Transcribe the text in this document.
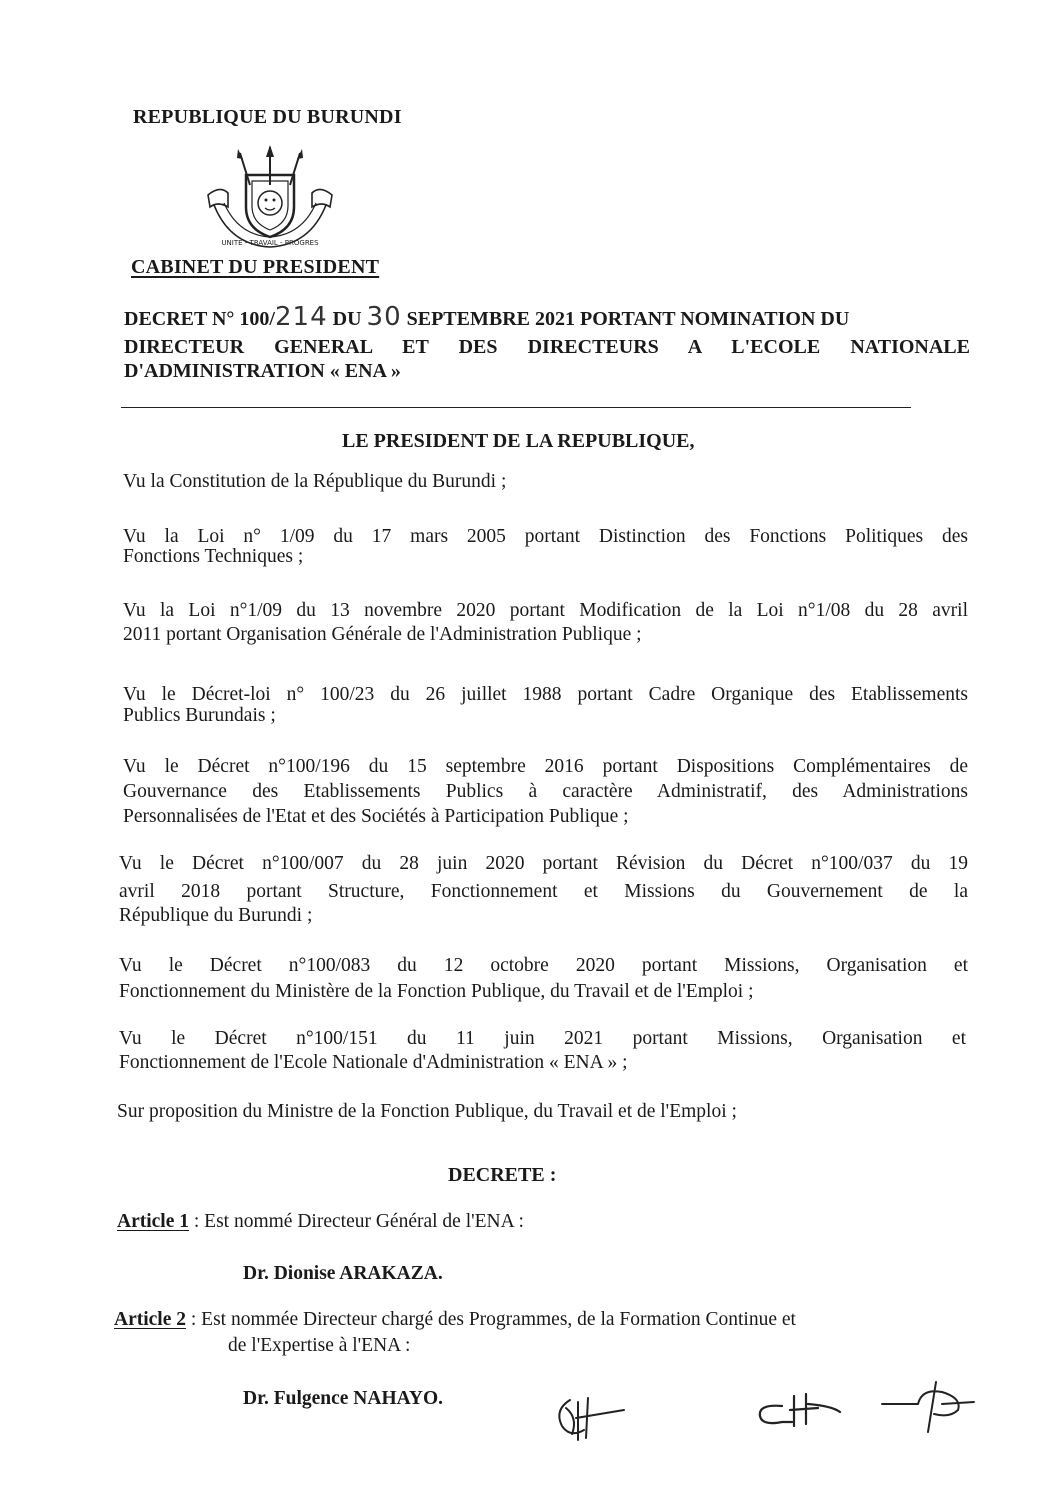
REPUBLIQUE DU BURUNDI
UNITE - TRAVAIL - PROGRES
CABINET DU PRESIDENT
DECRET N° 100/214 DU 30 SEPTEMBRE 2021 PORTANT NOMINATION DU
DIRECTEUR GENERAL ET DES DIRECTEURS A L'ECOLE NATIONALE
D'ADMINISTRATION « ENA »
LE PRESIDENT DE LA REPUBLIQUE,
Vu la Constitution de la République du Burundi ;
Vu la Loi n° 1/09 du 17 mars 2005 portant Distinction des Fonctions Politiques des
Fonctions Techniques ;
Vu la Loi n°1/09 du 13 novembre 2020 portant Modification de la Loi n°1/08 du 28 avril
2011 portant Organisation Générale de l'Administration Publique ;
Vu le Décret-loi n° 100/23 du 26 juillet 1988 portant Cadre Organique des Etablissements
Publics Burundais ;
Vu le Décret n°100/196 du 15 septembre 2016 portant Dispositions Complémentaires de
Gouvernance des Etablissements Publics à caractère Administratif, des Administrations
Personnalisées de l'Etat et des Sociétés à Participation Publique ;
Vu le Décret n°100/007 du 28 juin 2020 portant Révision du Décret n°100/037 du 19
avril 2018 portant Structure, Fonctionnement et Missions du Gouvernement de la
République du Burundi ;
Vu le Décret n°100/083 du 12 octobre 2020 portant Missions, Organisation et
Fonctionnement du Ministère de la Fonction Publique, du Travail et de l'Emploi ;
Vu le Décret n°100/151 du 11 juin 2021 portant Missions, Organisation et
Fonctionnement de l'Ecole Nationale d'Administration « ENA » ;
Sur proposition du Ministre de la Fonction Publique, du Travail et de l'Emploi ;
DECRETE :
Article 1 : Est nommé Directeur Général de l'ENA :
Dr. Dionise ARAKAZA.
Article 2 : Est nommée Directeur chargé des Programmes, de la Formation Continue et
de l'Expertise à l'ENA :
Dr. Fulgence NAHAYO.
